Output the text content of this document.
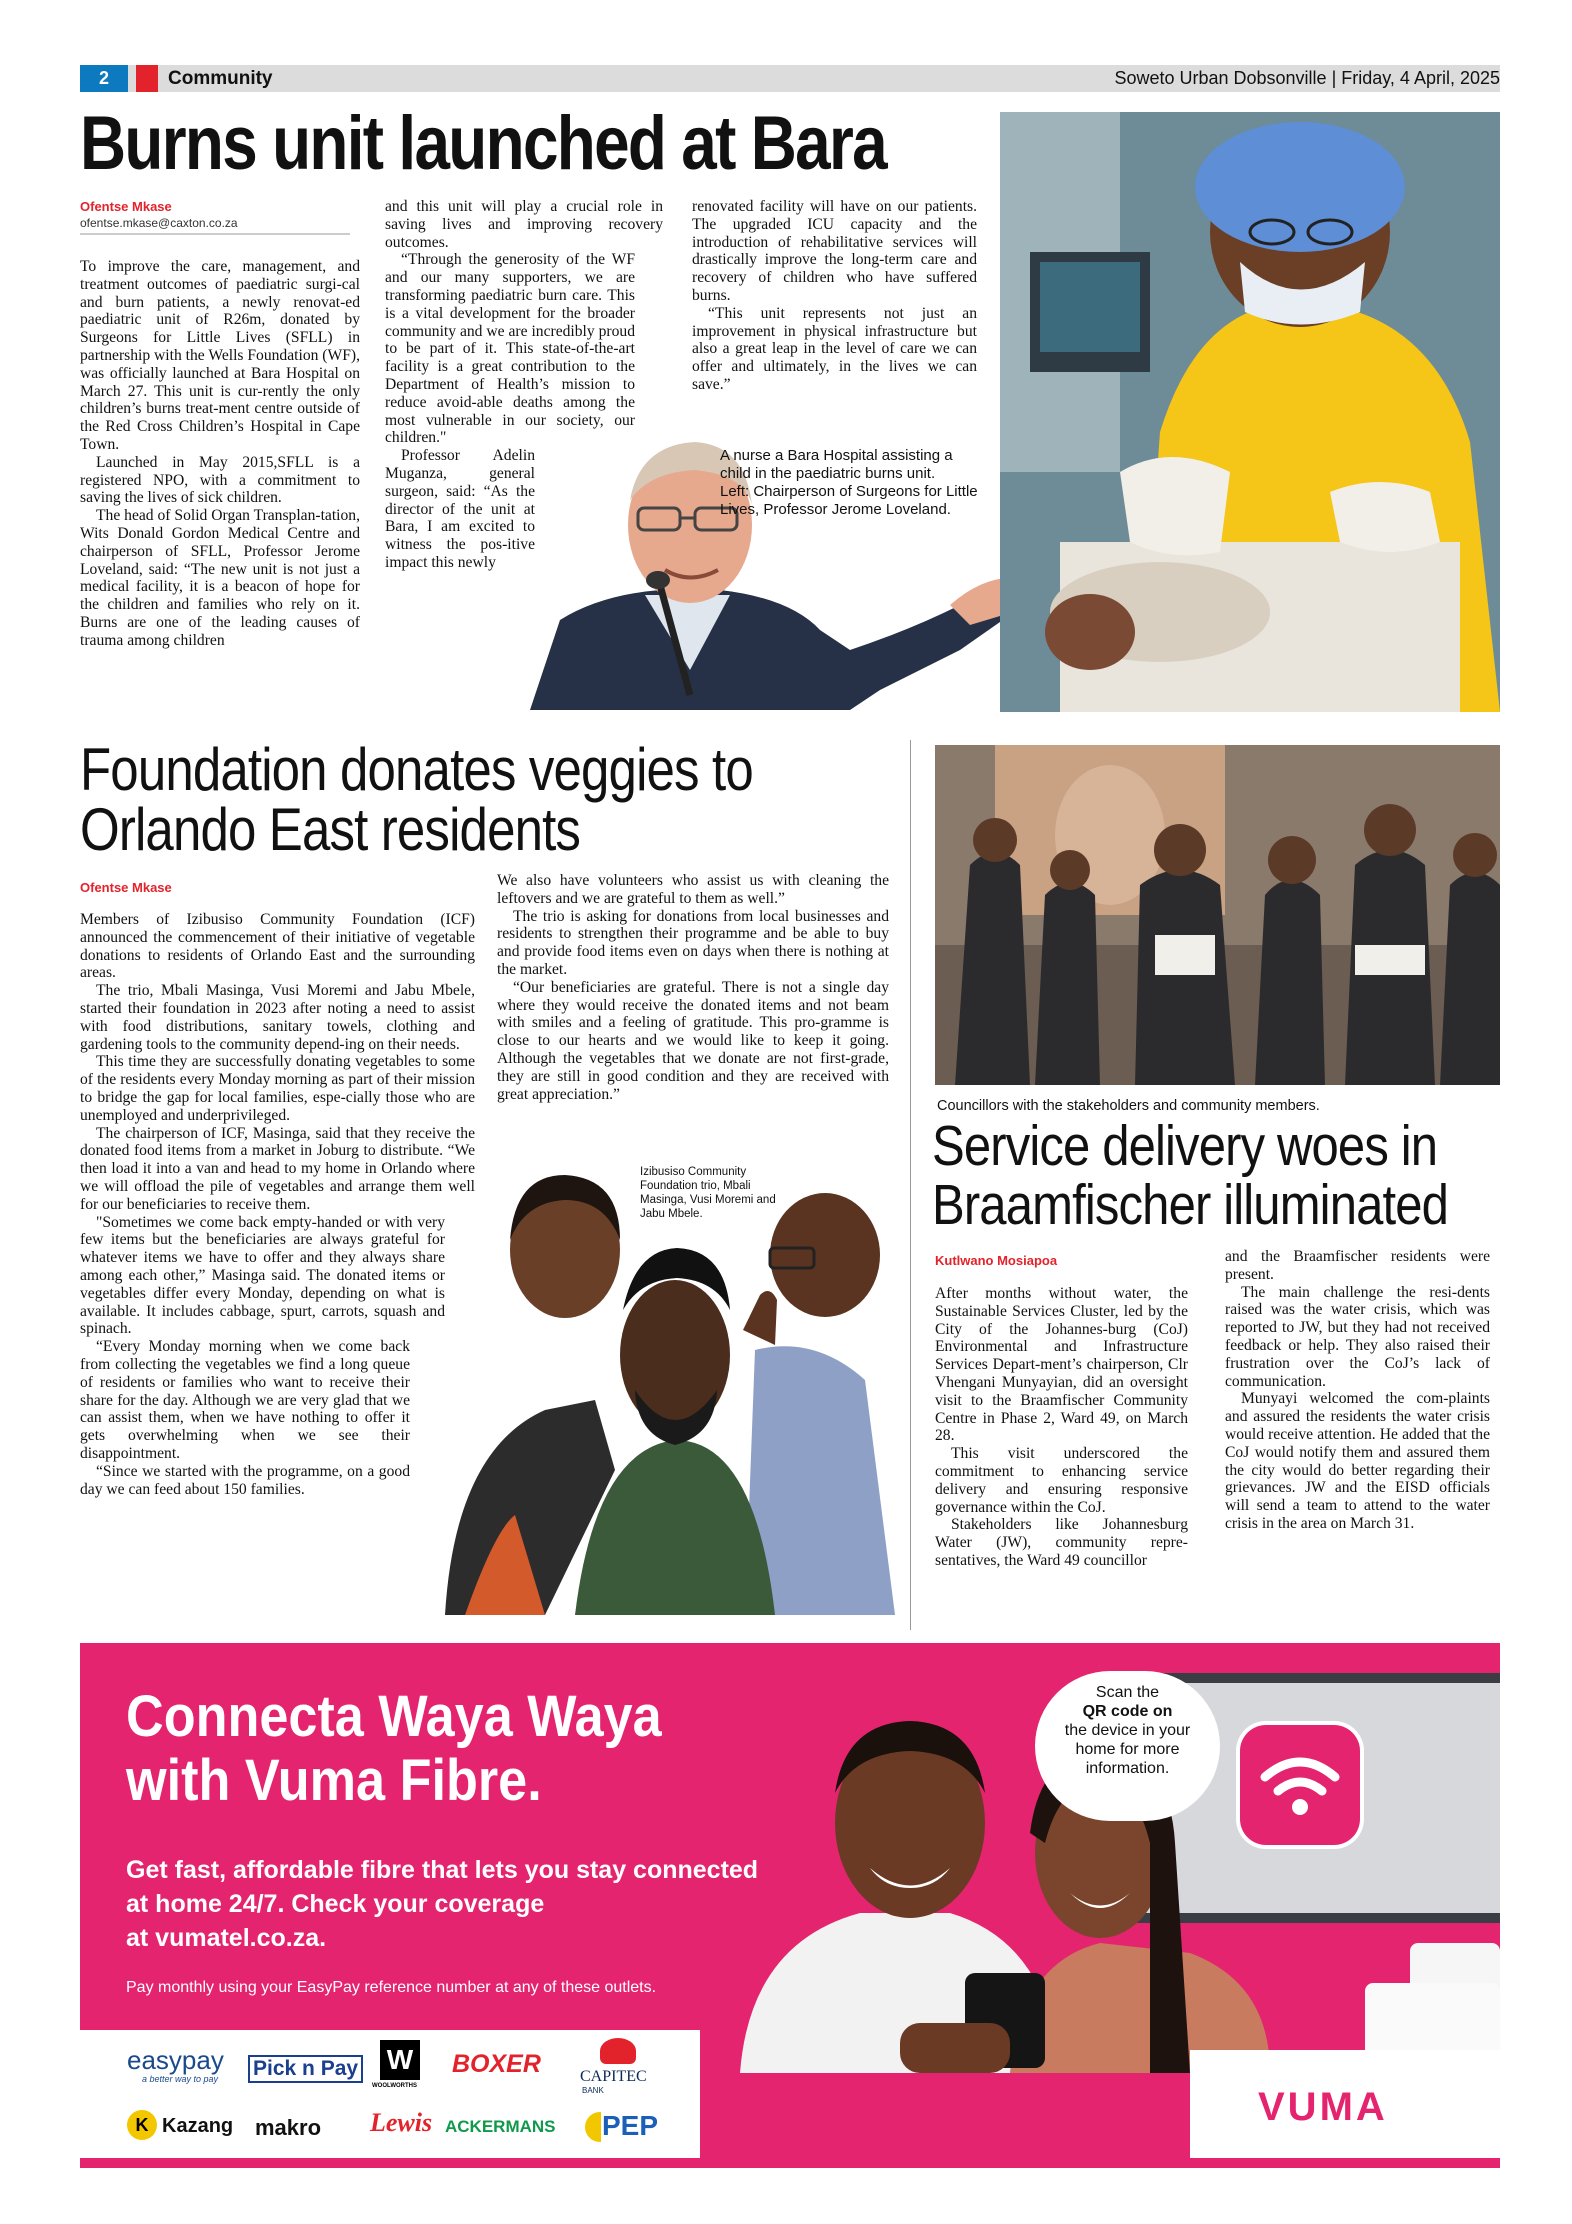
2	Community	Soweto Urban Dobsonville | Friday, 4 April, 2025
Burns unit launched at Bara
Ofentse Mkase
ofentse.mkase@caxton.co.za

To improve the care, management, and treatment outcomes of paediatric surgi-cal and burn patients, a newly renovat-ed paediatric unit of R26m, donated by Surgeons for Little Lives (SFLL) in partnership with the Wells Foundation (WF), was officially launched at Bara Hospital on March 27. This unit is cur-rently the only children’s burns treat-ment centre outside of the Red Cross Children’s Hospital in Cape Town.

Launched in May 2015,SFLL is a registered NPO, with a commitment to saving the lives of sick children.

The head of Solid Organ Transplan-tation, Wits Donald Gordon Medical Centre and chairperson of SFLL, Professor Jerome Loveland, said: “The new unit is not just a medical facility, it is a beacon of hope for the children and families who rely on it. Burns are one of the leading causes of trauma among children

and this unit will play a crucial role in saving lives and improving recovery outcomes.

“Through the generosity of the WF and our many supporters, we are transforming paediatric burn care. This is a vital development for the broader community and we are incredibly proud to be part of it. This state-of-the-art facility is a great contribution to the Department of Health’s mission to reduce avoid-able deaths among the most vulnerable in our society, our children."

Professor Adelin Muganza, general surgeon, said: “As the director of the unit at Bara, I am excited to witness the pos-itive impact this newly

renovated facility will have on our patients. The upgraded ICU capacity and the introduction of rehabilitative services will drastically improve the long-term care and recovery of children who have suffered burns.

“This unit represents not just an improvement in physical infrastructure but also a great leap in the level of care we can offer and ultimately, in the lives we can save.”

A nurse a Bara Hospital assisting a child in the paediatric burns unit.
Left: Chairperson of Surgeons for Little Lives, Professor Jerome Loveland.
Foundation donates veggies to
Orlando East residents
Ofentse Mkase

Members of Izibusiso Community Foundation (ICF) announced the commencement of their initiative of vegetable donations to residents of Orlando East and the surrounding areas.

The trio, Mbali Masinga, Vusi Moremi and Jabu Mbele, started their foundation in 2023 after noting a need to assist with food distributions, sanitary towels, clothing and gardening tools to the community depend-ing on their needs.

This time they are successfully donating vegetables to some of the residents every Monday morning as part of their mission to bridge the gap for local families, espe-cially those who are unemployed and underprivileged.

The chairperson of ICF, Masinga, said that they receive the donated food items from a market in Joburg to distribute. “We then load it into a van and head to my home in Orlando where we will offload the pile of vegetables and arrange them well for our beneficiaries to receive them.

"Sometimes we come back empty-handed or with very few items but the beneficiaries are always grateful for whatever items we have to offer and they always share among each other,” Masinga said. The donated items or vegetables differ every Monday, depending on what is available. It includes cabbage, spurt, carrots, squash and spinach.

“Every Monday morning when we come back from collecting the vegetables we find a long queue of residents or families who want to receive their share for the day. Although we are very glad that we can assist them, when we have nothing to offer it gets overwhelming when we see their disappointment.

“Since we started with the programme, on a good day we can feed about 150 families.

We also have volunteers who assist us with cleaning the leftovers and we are grateful to them as well.”

The trio is asking for donations from local businesses and residents to strengthen their programme and be able to buy and provide food items even on days when there is nothing at the market.

“Our beneficiaries are grateful. There is not a single day where they would receive the donated items and not beam with smiles and a feeling of gratitude. This pro-gramme is close to our hearts and we would like to keep it going. Although the vegetables that we donate are not first-grade, they are still in good condition and they are received with great appreciation.”

Izibusiso Community Foundation trio, Mbali Masinga, Vusi Moremi and Jabu Mbele.
Councillors with the stakeholders and community members.
Service delivery woes in
Braamfischer illuminated
Kutlwano Mosiapoa

After months without water, the Sustainable Services Cluster, led by the City of the Johannes-burg (CoJ) Environmental and Infrastructure Services Depart-ment’s chairperson, Clr Vhengani Munyayian, did an oversight visit to the Braamfischer Community Centre in Phase 2, Ward 49, on March 28.

This visit underscored the commitment to enhancing service delivery and ensuring responsive governance within the CoJ.

Stakeholders like Johannesburg Water (JW), community repre-sentatives, the Ward 49 councillor

and the Braamfischer residents were present.

The main challenge the resi-dents raised was the water crisis, which was reported to JW, but they had not received feedback or help. They also raised their frustration over the CoJ’s lack of communication.

Munyayi welcomed the com-plaints and assured the residents the water crisis would receive attention. He added that the CoJ would notify them and assured them the city would do better regarding their grievances. JW and the EISD officials will send a team to attend to the water crisis in the area on March 31.

Scan the
QR code on
the device in your
home for more
information.
Connecta Waya Waya
with Vuma Fibre.
Get fast, affordable fibre that lets you stay connected
at home 24/7. Check your coverage
at vumatel.co.za.
Pay monthly using your EasyPay reference number at any of these outlets.
easypay
a better way to pay Pick n Pay W
WOOLWORTHS
BOXER CAPITEC
BANK
K Kazang makro Lewis ACKERMANS PEP	VUMA
